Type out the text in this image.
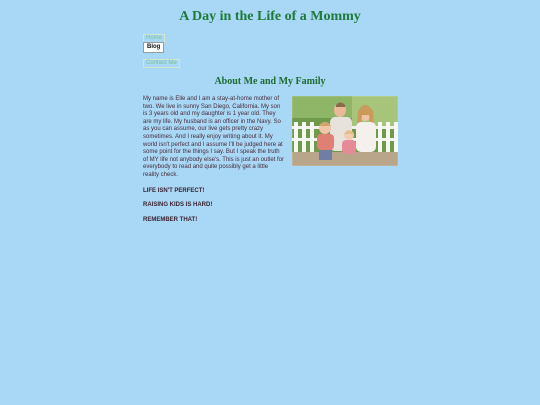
A Day in the Life of a Mommy
Home
Blog
Contact Me
About Me and My Family

My name is Elle and I am a stay-at-home mother of two. We live in sunny San Diego, California. My son is 3 years old and my daughter is 1 year old. They are my life. My husband is an officer in the Navy. So as you can assume, our live gets pretty crazy sometimes. And I really enjoy writing about it. My world isn't perfect and I assume I'll be judged here at some point for the things I say. But I speak the truth of MY life not anybody else's. This is just an outlet for everybody to read and quite possibly get a little reality check.

LIFE ISN'T PERFECT!

RAISING KIDS IS HARD!

REMEMBER THAT!
